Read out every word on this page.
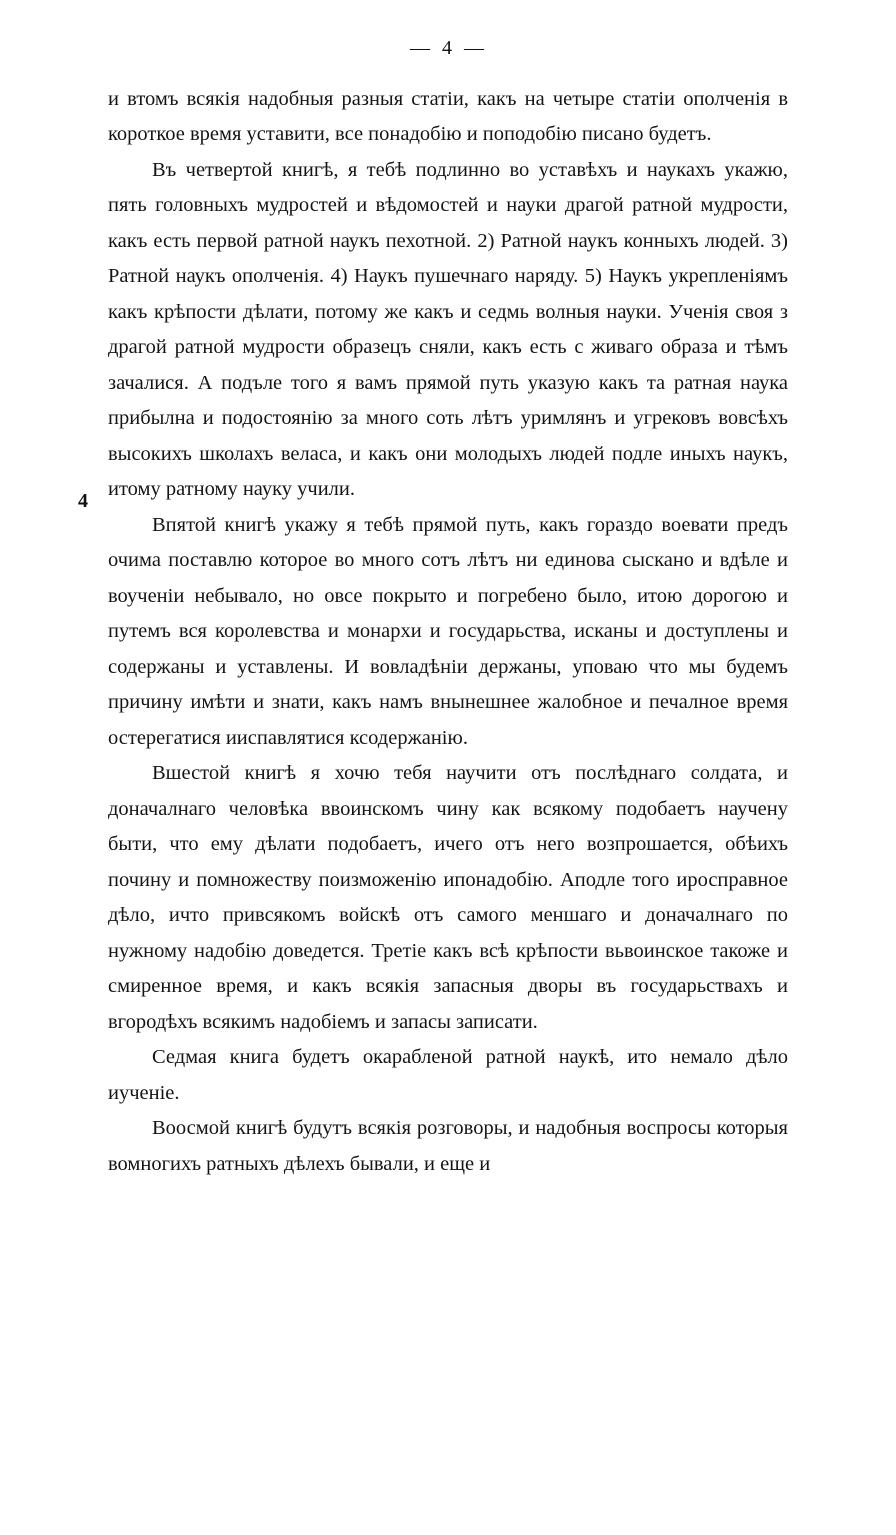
— 4 —

и втомъ всякія надобныя разныя статіи, какъ на четыре статіи ополченія в короткое время уставити, все понадобію и поподобію писано будетъ.

Въ четвертой книгѣ, я тебѣ подлинно во уставѣхъ и наукахъ укажю, пять головныхъ мудростей и вѣдомостей и науки драгой ратной мудрости, какъ есть первой ратной наукъ пехотной. 2) Ратной наукъ конныхъ людей. 3) Ратной наукъ ополченія. 4) Наукъ пушечнаго наряду. 5) Наукъ укрепленіямъ какъ крѣпости дѣлати, потому же какъ и седмь волныя науки. Ученія своя з драгой ратной мудрости образецъ сняли, какъ есть с живаго образа и тѣмъ зачалися. А подъле того я вамъ прямой путь указую какъ та ратная наука прибылна и подостоянію за много соть лѣтъ уримлянъ и угрековъ вовсѣхъ высокихъ школахъ веласа, и какъ они молодыхъ людей подле иныхъ наукъ, итому ратному науку учили.

Впятой книгѣ укажу я тебѣ прямой путь, какъ гораздо воевати предъ очима поставлю которое во много сотъ лѣтъ ни единова сыскано и вдѣле и воученіи небывало, но овсе покрыто и погребено было, итою дорогою и путемъ вся королевства и монархи и государьства, исканы и доступлены и содержаны и уставлены. И вовладѣніи держаны, уповаю что мы будемъ причину имѣти и знати, какъ намъ внынешнее жалобное и печалное время остерегатися ииспавлятися ксодержанію.

Вшестой книгѣ я хочю тебя научити отъ послѣднаго солдата, и доначалнаго человѣка ввоинскомъ чину как всякому подобаетъ научену быти, что ему дѣлати подобаетъ, ичего отъ него возпрошается, обѣихъ почину и помножеству поизможенію ипонадобію. Аподле того иросправное дѣло, ичто привсякомъ войскѣ отъ самого меншаго и доначалнаго по нужному надобію доведется. Третіе какъ всѣ крѣпости вьвоинское такоже и смиренное время, и какъ всякія запасныя дворы въ государьствахъ и вгородѣхъ всякимъ надобіемъ и запасы записати.

Седмая книга будетъ окарабленой ратной наукѣ, ито немало дѣло иученіе.

Воосмой книгѣ будутъ всякія розговоры, и надобныя воспросы которыя вомногихъ ратныхъ дѣлехъ бывали, и еще и

4
